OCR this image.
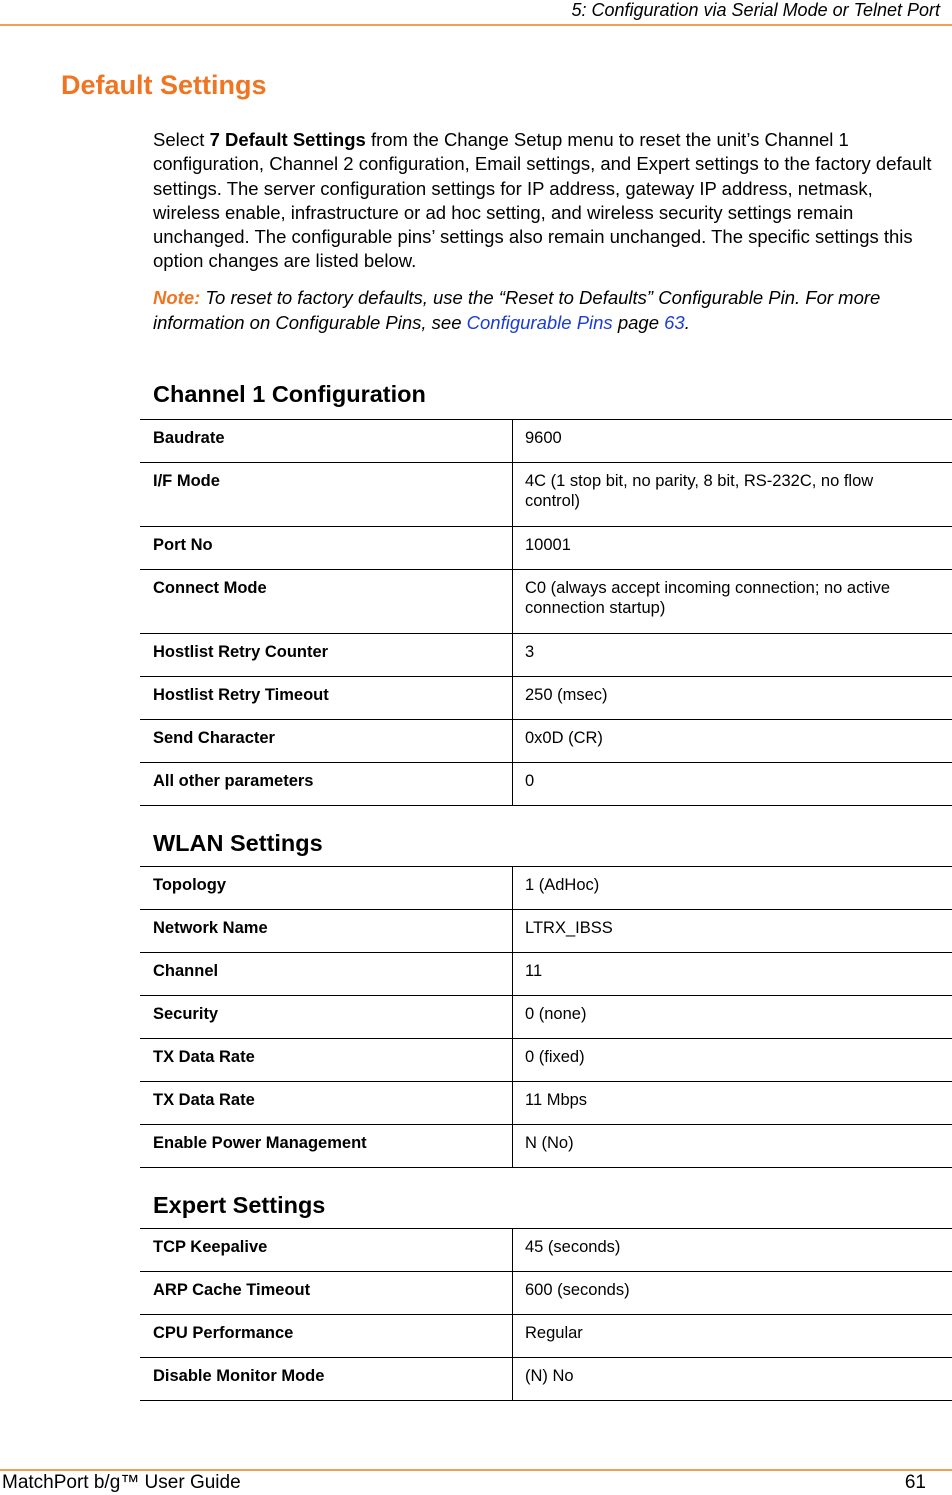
5: Configuration via Serial Mode or Telnet Port
Default Settings

Select 7 Default Settings from the Change Setup menu to reset the unit’s Channel 1 configuration, Channel 2 configuration, Email settings, and Expert settings to the factory default settings. The server configuration settings for IP address, gateway IP address, netmask, wireless enable, infrastructure or ad hoc setting, and wireless security settings remain unchanged. The configurable pins’ settings also remain unchanged. The specific settings this option changes are listed below.

Note: To reset to factory defaults, use the “Reset to Defaults” Configurable Pin. For more information on Configurable Pins, see Configurable Pins page 63.

Channel 1 Configuration
Baudrate	9600
I/F Mode	4C (1 stop bit, no parity, 8 bit, RS-232C, no flow control)
Port No	10001
Connect Mode	C0 (always accept incoming connection; no active connection startup)
Hostlist Retry Counter	3
Hostlist Retry Timeout	250 (msec)
Send Character	0x0D (CR)
All other parameters	0
WLAN Settings
Topology	1 (AdHoc)
Network Name	LTRX_IBSS
Channel	11
Security	0 (none)
TX Data Rate	0 (fixed)
TX Data Rate	11 Mbps
Enable Power Management	N (No)
Expert Settings
TCP Keepalive	45 (seconds)
ARP Cache Timeout	600 (seconds)
CPU Performance	Regular
Disable Monitor Mode	(N) No
MatchPort b/g™ User Guide	61
